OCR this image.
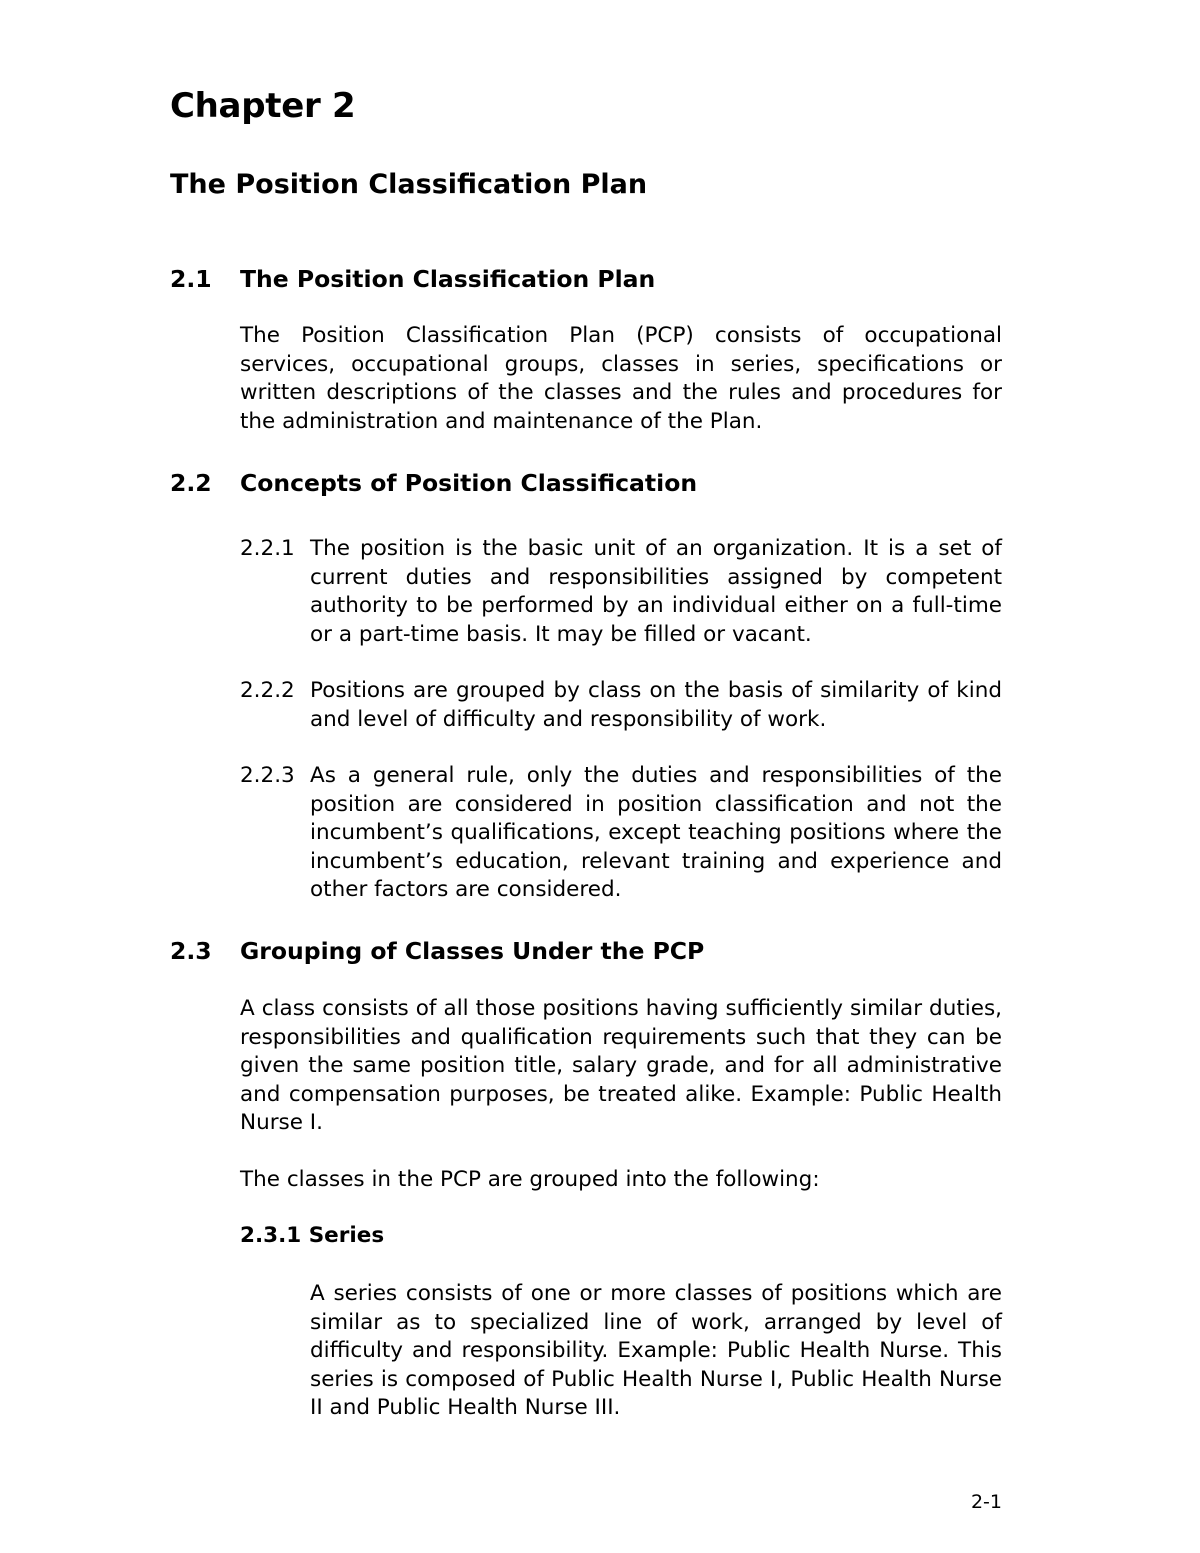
Chapter 2
The Position Classification Plan
2.1 The Position Classification Plan

The Position Classification Plan (PCP) consists of occupational services, occupational groups, classes in series, specifications or written descriptions of the classes and the rules and procedures for the administration and maintenance of the Plan.

2.2 Concepts of Position Classification
2.2.1 The position is the basic unit of an organization. It is a set of current duties and responsibilities assigned by competent authority to be performed by an individual either on a full-time or a part-time basis. It may be filled or vacant.

2.2.2 Positions are grouped by class on the basis of similarity of kind and level of difficulty and responsibility of work.

2.2.3 As a general rule, only the duties and responsibilities of the position are considered in position classification and not the incumbent’s qualifications, except teaching positions where the incumbent’s education, relevant training and experience and other factors are considered.

2.3 Grouping of Classes Under the PCP

A class consists of all those positions having sufficiently similar duties, responsibilities and qualification requirements such that they can be given the same position title, salary grade, and for all administrative and compensation purposes, be treated alike. Example: Public Health Nurse I.

The classes in the PCP are grouped into the following:

2.3.1 Series

A series consists of one or more classes of positions which are similar as to specialized line of work, arranged by level of difficulty and responsibility. Example: Public Health Nurse. This series is composed of Public Health Nurse I, Public Health Nurse II and Public Health Nurse III.

2-1
